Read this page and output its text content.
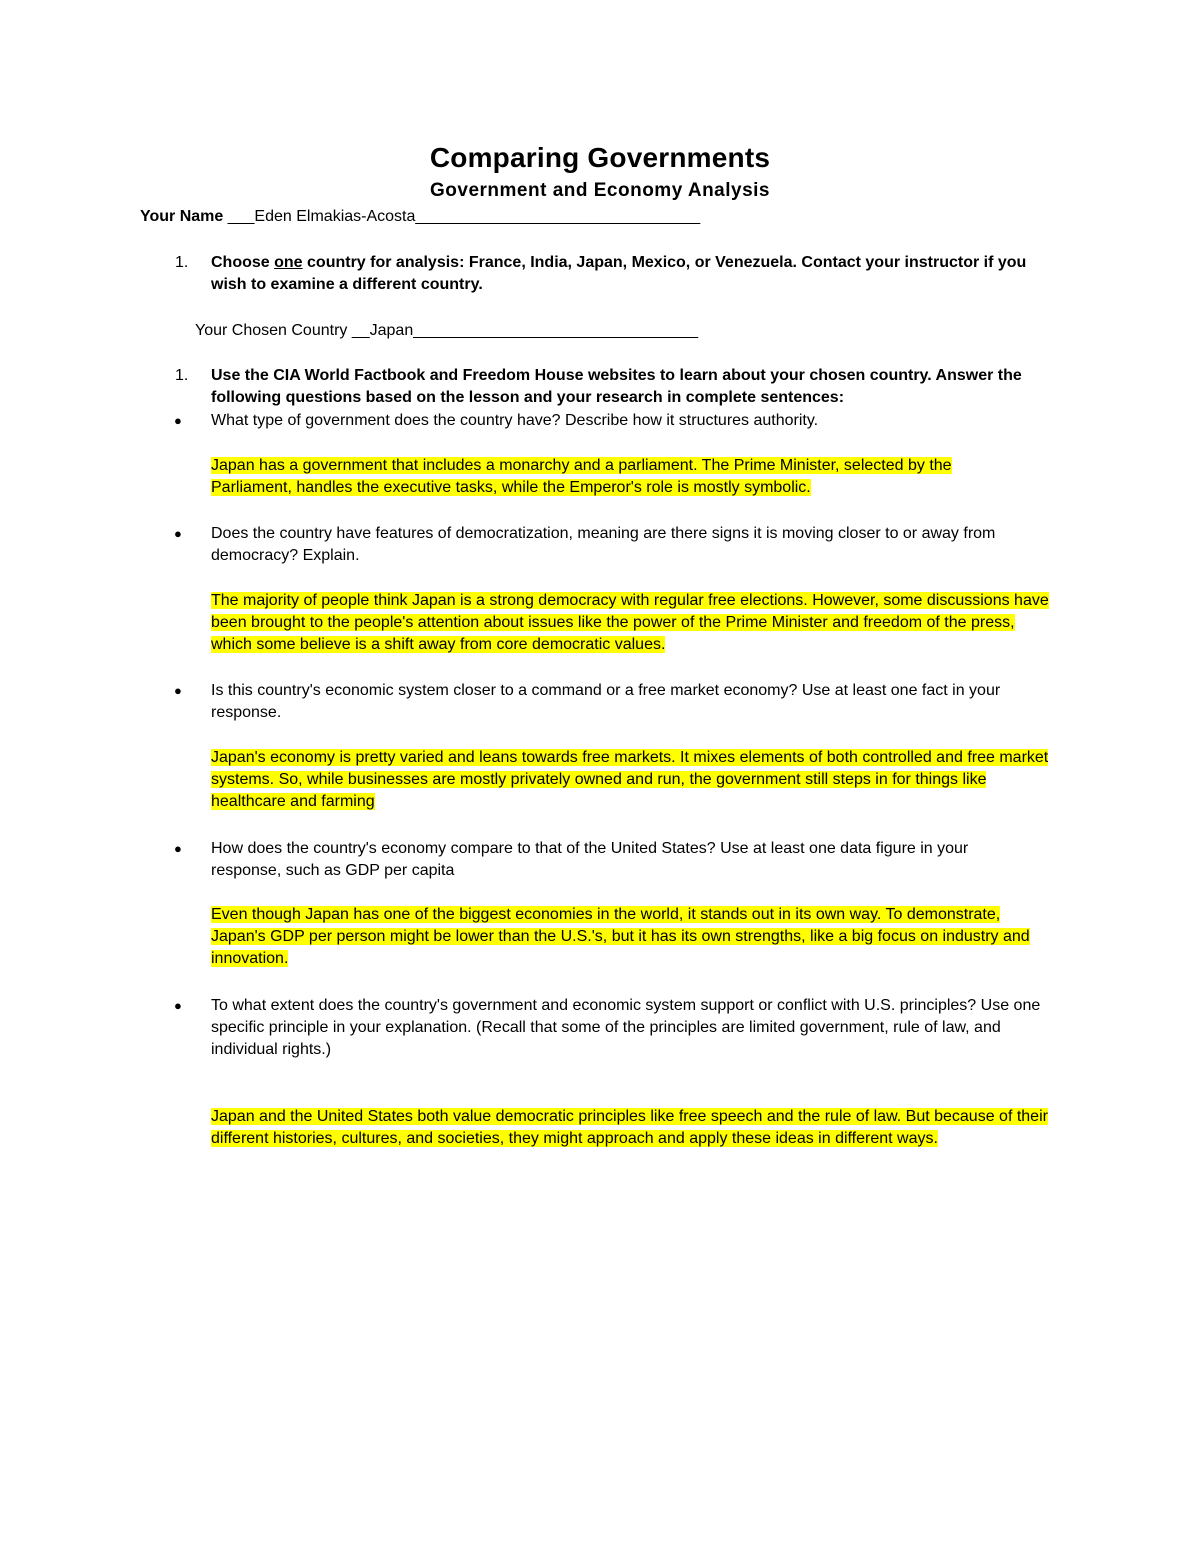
Comparing Governments
Government and Economy Analysis
Your Name ___Eden Elmakias-Acosta________________________________
1. Choose one country for analysis: France, India, Japan, Mexico, or Venezuela. Contact your instructor if you wish to examine a different country.
Your Chosen Country __Japan________________________________
1. Use the CIA World Factbook and Freedom House websites to learn about your chosen country. Answer the following questions based on the lesson and your research in complete sentences:
● What type of government does the country have? Describe how it structures authority.
Japan has a government that includes a monarchy and a parliament. The Prime Minister, selected by the Parliament, handles the executive tasks, while the Emperor's role is mostly symbolic.
● Does the country have features of democratization, meaning are there signs it is moving closer to or away from democracy? Explain.
The majority of people think Japan is a strong democracy with regular free elections. However, some discussions have been brought to the people's attention about issues like the power of the Prime Minister and freedom of the press, which some believe is a shift away from core democratic values.
● Is this country's economic system closer to a command or a free market economy? Use at least one fact in your response.
Japan's economy is pretty varied and leans towards free markets. It mixes elements of both controlled and free market systems. So, while businesses are mostly privately owned and run, the government still steps in for things like healthcare and farming
● How does the country's economy compare to that of the United States? Use at least one data figure in your response, such as GDP per capita
Even though Japan has one of the biggest economies in the world, it stands out in its own way. To demonstrate, Japan's GDP per person might be lower than the U.S.'s, but it has its own strengths, like a big focus on industry and innovation.
● To what extent does the country's government and economic system support or conflict with U.S. principles? Use one specific principle in your explanation. (Recall that some of the principles are limited government, rule of law, and individual rights.)
Japan and the United States both value democratic principles like free speech and the rule of law. But because of their different histories, cultures, and societies, they might approach and apply these ideas in different ways.
